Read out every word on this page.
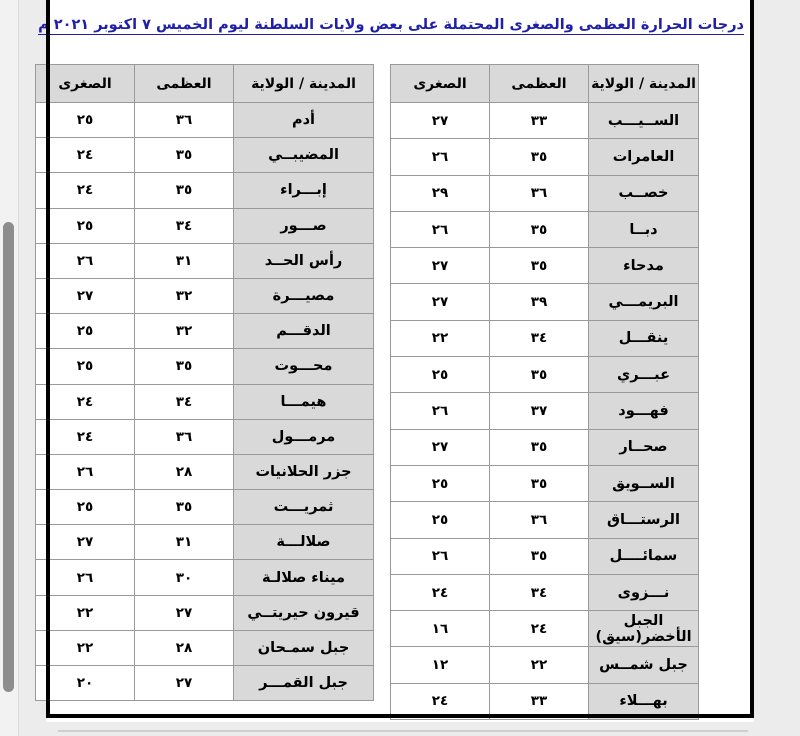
درجات الحرارة العظمى والصغرى المحتملة على بعض ولايات السلطنة ليوم الخميس ٧ اكتوبر ٢٠٢١ م
المدينة / الولاية	العظمى	الصغرى
الســيـــب	٣٣	٢٧
العامرات	٣٥	٢٦
خصــب	٣٦	٢٩
دبــا	٣٥	٢٦
مدحاء	٣٥	٢٧
البريمـــي	٣٩	٢٧
ينقـــل	٣٤	٢٢
عبـــري	٣٥	٢٥
فهـــود	٣٧	٢٦
صحــار	٣٥	٢٧
الســويق	٣٥	٢٥
الرستـــاق	٣٦	٢٥
سمائــــل	٣٥	٢٦
نـــزوى	٣٤	٢٤
الجبل الأخضر(سيق)	٢٤	١٦
جبل شمــس	٢٢	١٢
بهـــلاء	٣٣	٢٤
المدينة / الولاية	العظمى	الصغرى
أدم	٣٦	٢٥
المضيبــي	٣٥	٢٤
إبـــراء	٣٥	٢٤
صـــور	٣٤	٢٥
رأس الحــد	٣١	٢٦
مصيـــرة	٣٢	٢٧
الدقـــم	٣٢	٢٥
محـــوت	٣٥	٢٥
هيمـــا	٣٤	٢٤
مرمـــول	٣٦	٢٤
جزر الحلانيات	٢٨	٢٦
ثمريـــت	٣٥	٢٥
صلالـــة	٣١	٢٧
ميناء صلالـة	٣٠	٢٦
قيرون حيريتــي	٢٧	٢٢
جبل سمـحان	٢٨	٢٢
جبل القمـــر	٢٧	٢٠
